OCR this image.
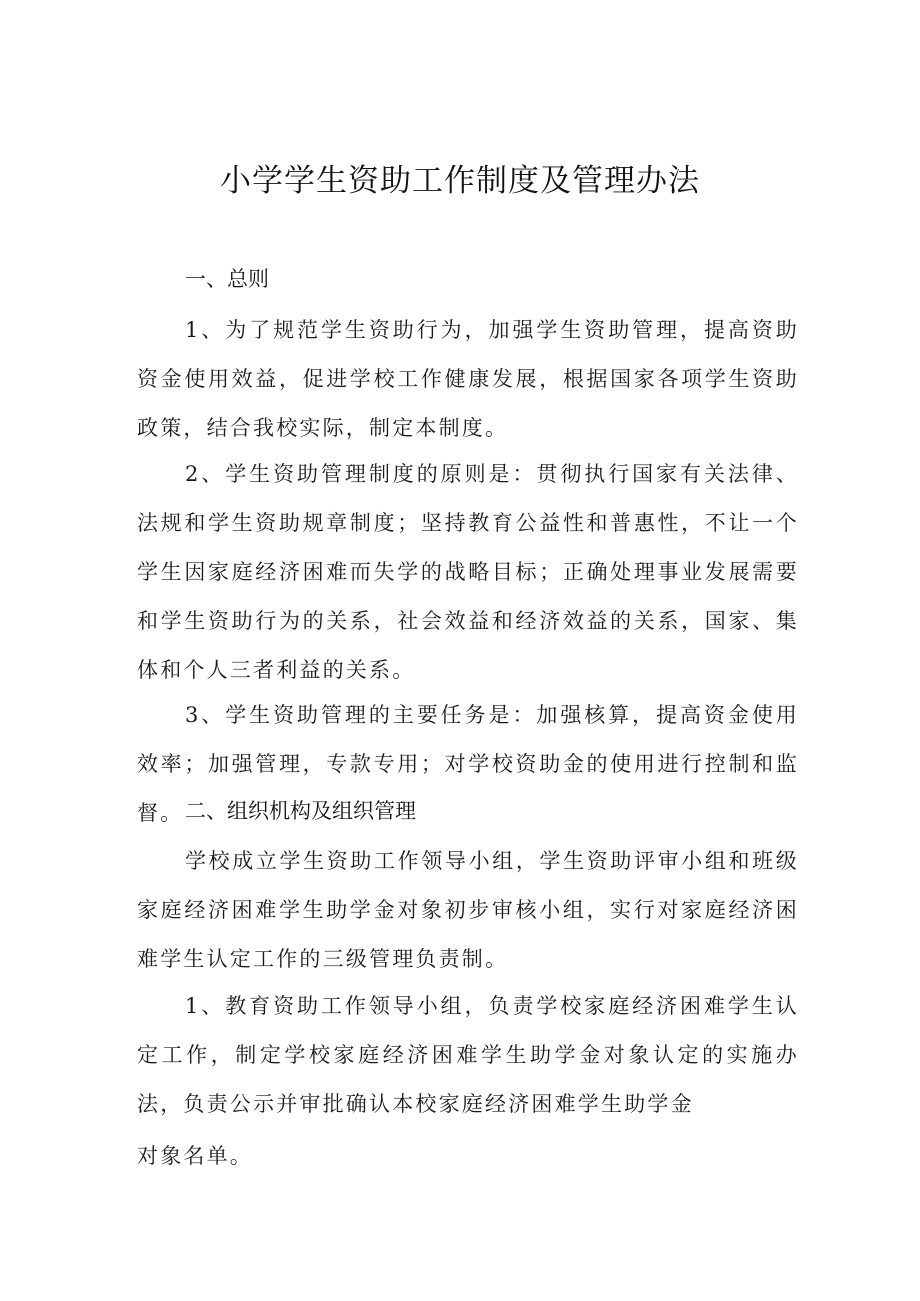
小学学生资助工作制度及管理办法
一、总则

1、为了规范学生资助行为，加强学生资助管理，提高资助资金使用效益，促进学校工作健康发展，根据国家各项学生资助政策，结合我校实际，制定本制度。

2、学生资助管理制度的原则是：贯彻执行国家有关法律、法规和学生资助规章制度；坚持教育公益性和普惠性，不让一个学生因家庭经济困难而失学的战略目标；正确处理事业发展需要和学生资助行为的关系，社会效益和经济效益的关系，国家、集体和个人三者利益的关系。

3、学生资助管理的主要任务是：加强核算，提高资金使用效率；加强管理，专款专用；对学校资助金的使用进行控制和监督。 二、组织机构及组织管理

学校成立学生资助工作领导小组，学生资助评审小组和班级家庭经济困难学生助学金对象初步审核小组，实行对家庭经济困难学生认定工作的三级管理负责制。

1、教育资助工作领导小组，负责学校家庭经济困难学生认定工作，制定学校家庭经济困难学生助学金对象认定的实施办法，负责公示并审批确认本校家庭经济困难学生助学金

对象名单。
